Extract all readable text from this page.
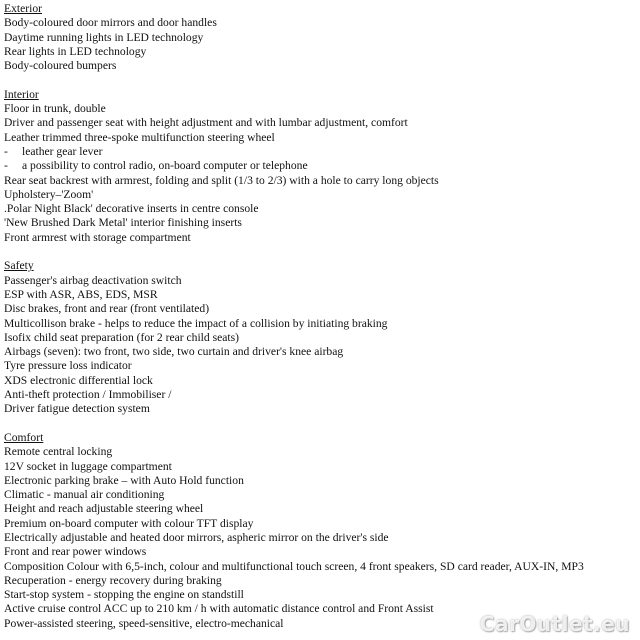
Exterior
Body-coloured door mirrors and door handles
Daytime running lights in LED technology
Rear lights in LED technology
Body-coloured bumpers
Interior
Floor in trunk, double
Driver and passenger seat with height adjustment and with lumbar adjustment, comfort
Leather trimmed three-spoke multifunction steering wheel
- leather gear lever
- a possibility to control radio, on-board computer or telephone
Rear seat backrest with armrest, folding and split (1/3 to 2/3) with a hole to carry long objects
Upholstery–'Zoom'
.Polar Night Black' decorative inserts in centre console
'New Brushed Dark Metal' interior finishing inserts
Front armrest with storage compartment
Safety
Passenger's airbag deactivation switch
ESP with ASR, ABS, EDS, MSR
Disc brakes, front and rear (front ventilated)
Multicollison brake - helps to reduce the impact of a collision by initiating braking
Isofix child seat preparation (for 2 rear child seats)
Airbags (seven): two front, two side, two curtain and driver's knee airbag
Tyre pressure loss indicator
XDS electronic differential lock
Anti-theft protection / Immobiliser /
Driver fatigue detection system
Comfort
Remote central locking
12V socket in luggage compartment
Electronic parking brake – with Auto Hold function
Climatic - manual air conditioning
Height and reach adjustable steering wheel
Premium on-board computer with colour TFT display
Electrically adjustable and heated door mirrors, aspheric mirror on the driver's side
Front and rear power windows
Composition Colour with 6,5-inch, colour and multifunctional touch screen, 4 front speakers, SD card reader, AUX-IN, MP3
Recuperation - energy recovery during braking
Start-stop system - stopping the engine on standstill
Active cruise control ACC up to 210 km / h with automatic distance control and Front Assist
Power-assisted steering, speed-sensitive, electro-mechanical	CarOutlet.eu
